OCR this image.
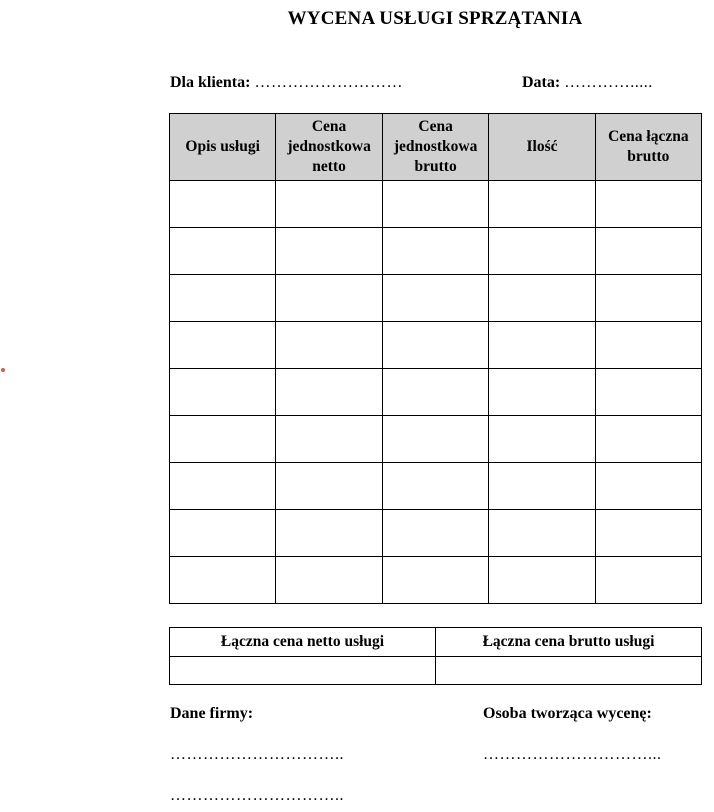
WYCENA USŁUGI SPRZĄTANIA
Dla klienta: ………………………	Data: ………….....
Opis usługi	Cena jednostkowa netto	Cena jednostkowa brutto	Ilość	Cena łączna brutto

Łączna cena netto usługi	Łączna cena brutto usługi

Dane firmy:	Osoba tworząca wycenę:
…………………………..	…………………………...
…………………………..
